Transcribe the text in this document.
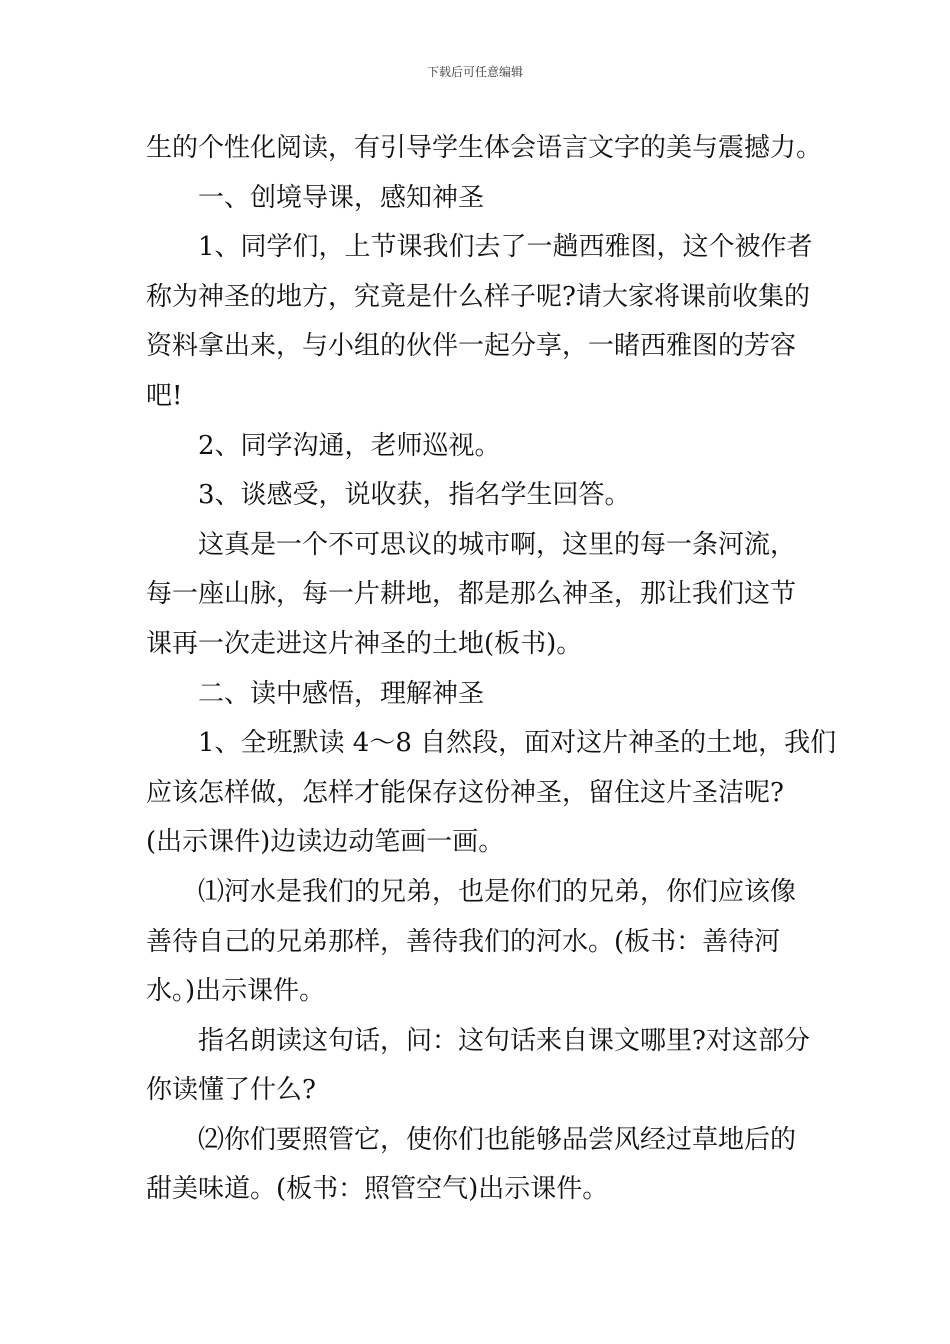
下载后可任意编辑
生的个性化阅读，有引导学生体会语言文字的美与震撼力。
一、创境导课，感知神圣
1、同学们，上节课我们去了一趟西雅图，这个被作者
称为神圣的地方，究竟是什么样子呢?请大家将课前收集的
资料拿出来，与小组的伙伴一起分享，一睹西雅图的芳容
吧!
2、同学沟通，老师巡视。
3、谈感受，说收获，指名学生回答。
这真是一个不可思议的城市啊，这里的每一条河流，
每一座山脉，每一片耕地，都是那么神圣，那让我们这节
课再一次走进这片神圣的土地(板书)。
二、读中感悟，理解神圣
1、全班默读 4～8 自然段，面对这片神圣的土地，我们
应该怎样做，怎样才能保存这份神圣，留住这片圣洁呢?
(出示课件)边读边动笔画一画。
⑴河水是我们的兄弟，也是你们的兄弟，你们应该像
善待自己的兄弟那样，善待我们的河水。(板书：善待河
水。)出示课件。
指名朗读这句话，问：这句话来自课文哪里?对这部分
你读懂了什么?
⑵你们要照管它，使你们也能够品尝风经过草地后的
甜美味道。(板书：照管空气)出示课件。
